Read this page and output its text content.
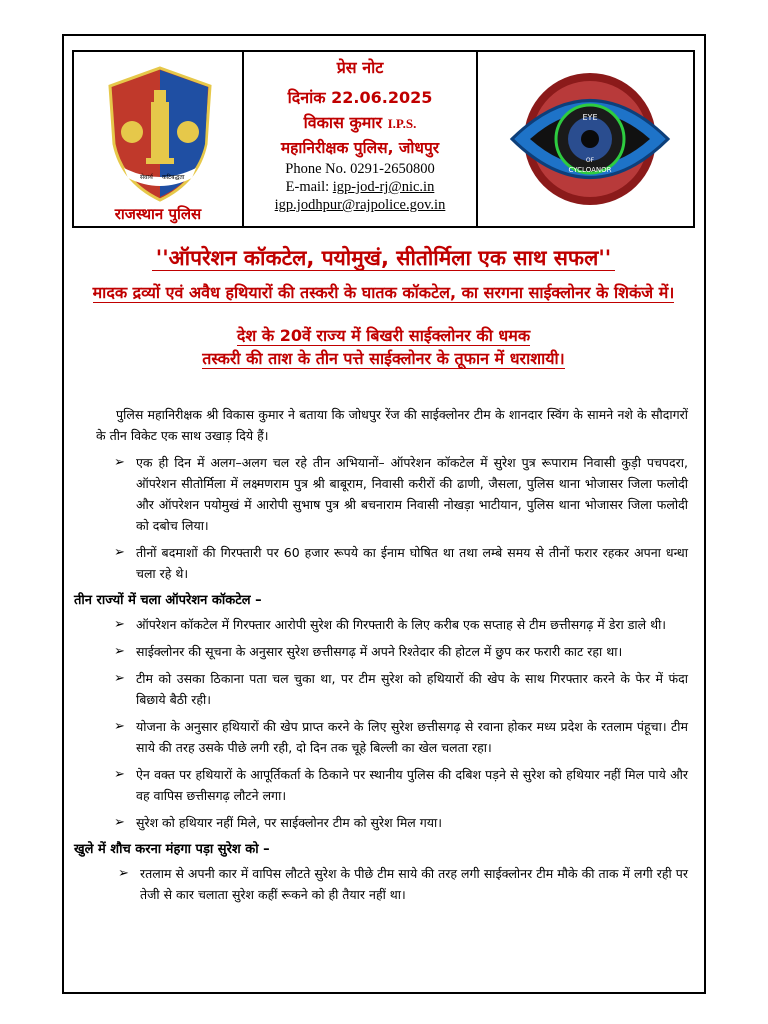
सेवार्थ कटिबद्धता
राजस्थान पुलिस
प्रेस नोट
दिनांक 22.06.2025
विकास कुमार I.P.S.
महानिरीक्षक पुलिस, जोधपुर
Phone No. 0291-2650800
E-mail: igp-jod-rj@nic.in
igp.jodhpur@rajpolice.gov.in
EYE
OF
CYCLOANOR
''ऑपरेशन कॉकटेल, पयोमुखं, सीतोर्मिला एक साथ सफल''
मादक द्रव्यों एवं अवैध हथियारों की तस्करी के घातक कॉकटेल, का सरगना साईक्लोनर के शिकंजे में।
देश के 20वें राज्य में बिखरी साईक्लोनर की धमक
तस्करी की ताश के तीन पत्ते साईक्लोनर के तूफान में धराशायी।

पुलिस महानिरीक्षक श्री विकास कुमार ने बताया कि जोधपुर रेंज की साईक्लोनर टीम के शानदार स्विंग के सामने नशे के सौदागरों के तीन विकेट एक साथ उखाड़ दिये हैं।

➢ एक ही दिन में अलग–अलग चल रहे तीन अभियानों– ऑपरेशन कॉकटेल में सुरेश पुत्र रूपाराम निवासी कुड़ी पचपदरा, ऑपरेशन सीतोर्मिला में लक्ष्मणराम पुत्र श्री बाबूराम, निवासी करीरों की ढाणी, जैसला, पुलिस थाना भोजासर जिला फलोदी और ऑपरेशन पयोमुखं में आरोपी सुभाष पुत्र श्री बचनाराम निवासी नोखड़ा भाटीयान, पुलिस थाना भोजासर जिला फलोदी को दबोच लिया।
➢ तीनों बदमाशों की गिरफ्तारी पर 60 हजार रूपये का ईनाम घोषित था तथा लम्बे समय से तीनों फरार रहकर अपना धन्धा चला रहे थे।
तीन राज्यों में चला ऑपरेशन कॉकटेल –
➢ ऑपरेशन कॉकटेल में गिरफ्तार आरोपी सुरेश की गिरफ्तारी के लिए करीब एक सप्ताह से टीम छत्तीसगढ़ में डेरा डाले थी।
➢ साईक्लोनर की सूचना के अनुसार सुरेश छत्तीसगढ़ में अपने रिश्तेदार की होटल में छुप कर फरारी काट रहा था।
➢ टीम को उसका ठिकाना पता चल चुका था, पर टीम सुरेश को हथियारों की खेप के साथ गिरफ्तार करने के फेर में फंदा बिछाये बैठी रही।
➢ योजना के अनुसार हथियारों की खेप प्राप्त करने के लिए सुरेश छत्तीसगढ़ से रवाना होकर मध्य प्रदेश के रतलाम पंहूचा। टीम साये की तरह उसके पीछे लगी रही, दो दिन तक चूहे बिल्ली का खेल चलता रहा।
➢ ऐन वक्त पर हथियारों के आपूर्तिकर्ता के ठिकाने पर स्थानीय पुलिस की दबिश पड़ने से सुरेश को हथियार नहीं मिल पाये और वह वापिस छत्तीसगढ़ लौटने लगा।
➢ सुरेश को हथियार नहीं मिले, पर साईक्लोनर टीम को सुरेश मिल गया।
खुले में शौच करना मंहगा पड़ा सुरेश को –
➢ रतलाम से अपनी कार में वापिस लौटते सुरेश के पीछे टीम साये की तरह लगी साईक्लोनर टीम मौके की ताक में लगी रही पर तेजी से कार चलाता सुरेश कहीं रूकने को ही तैयार नहीं था।
